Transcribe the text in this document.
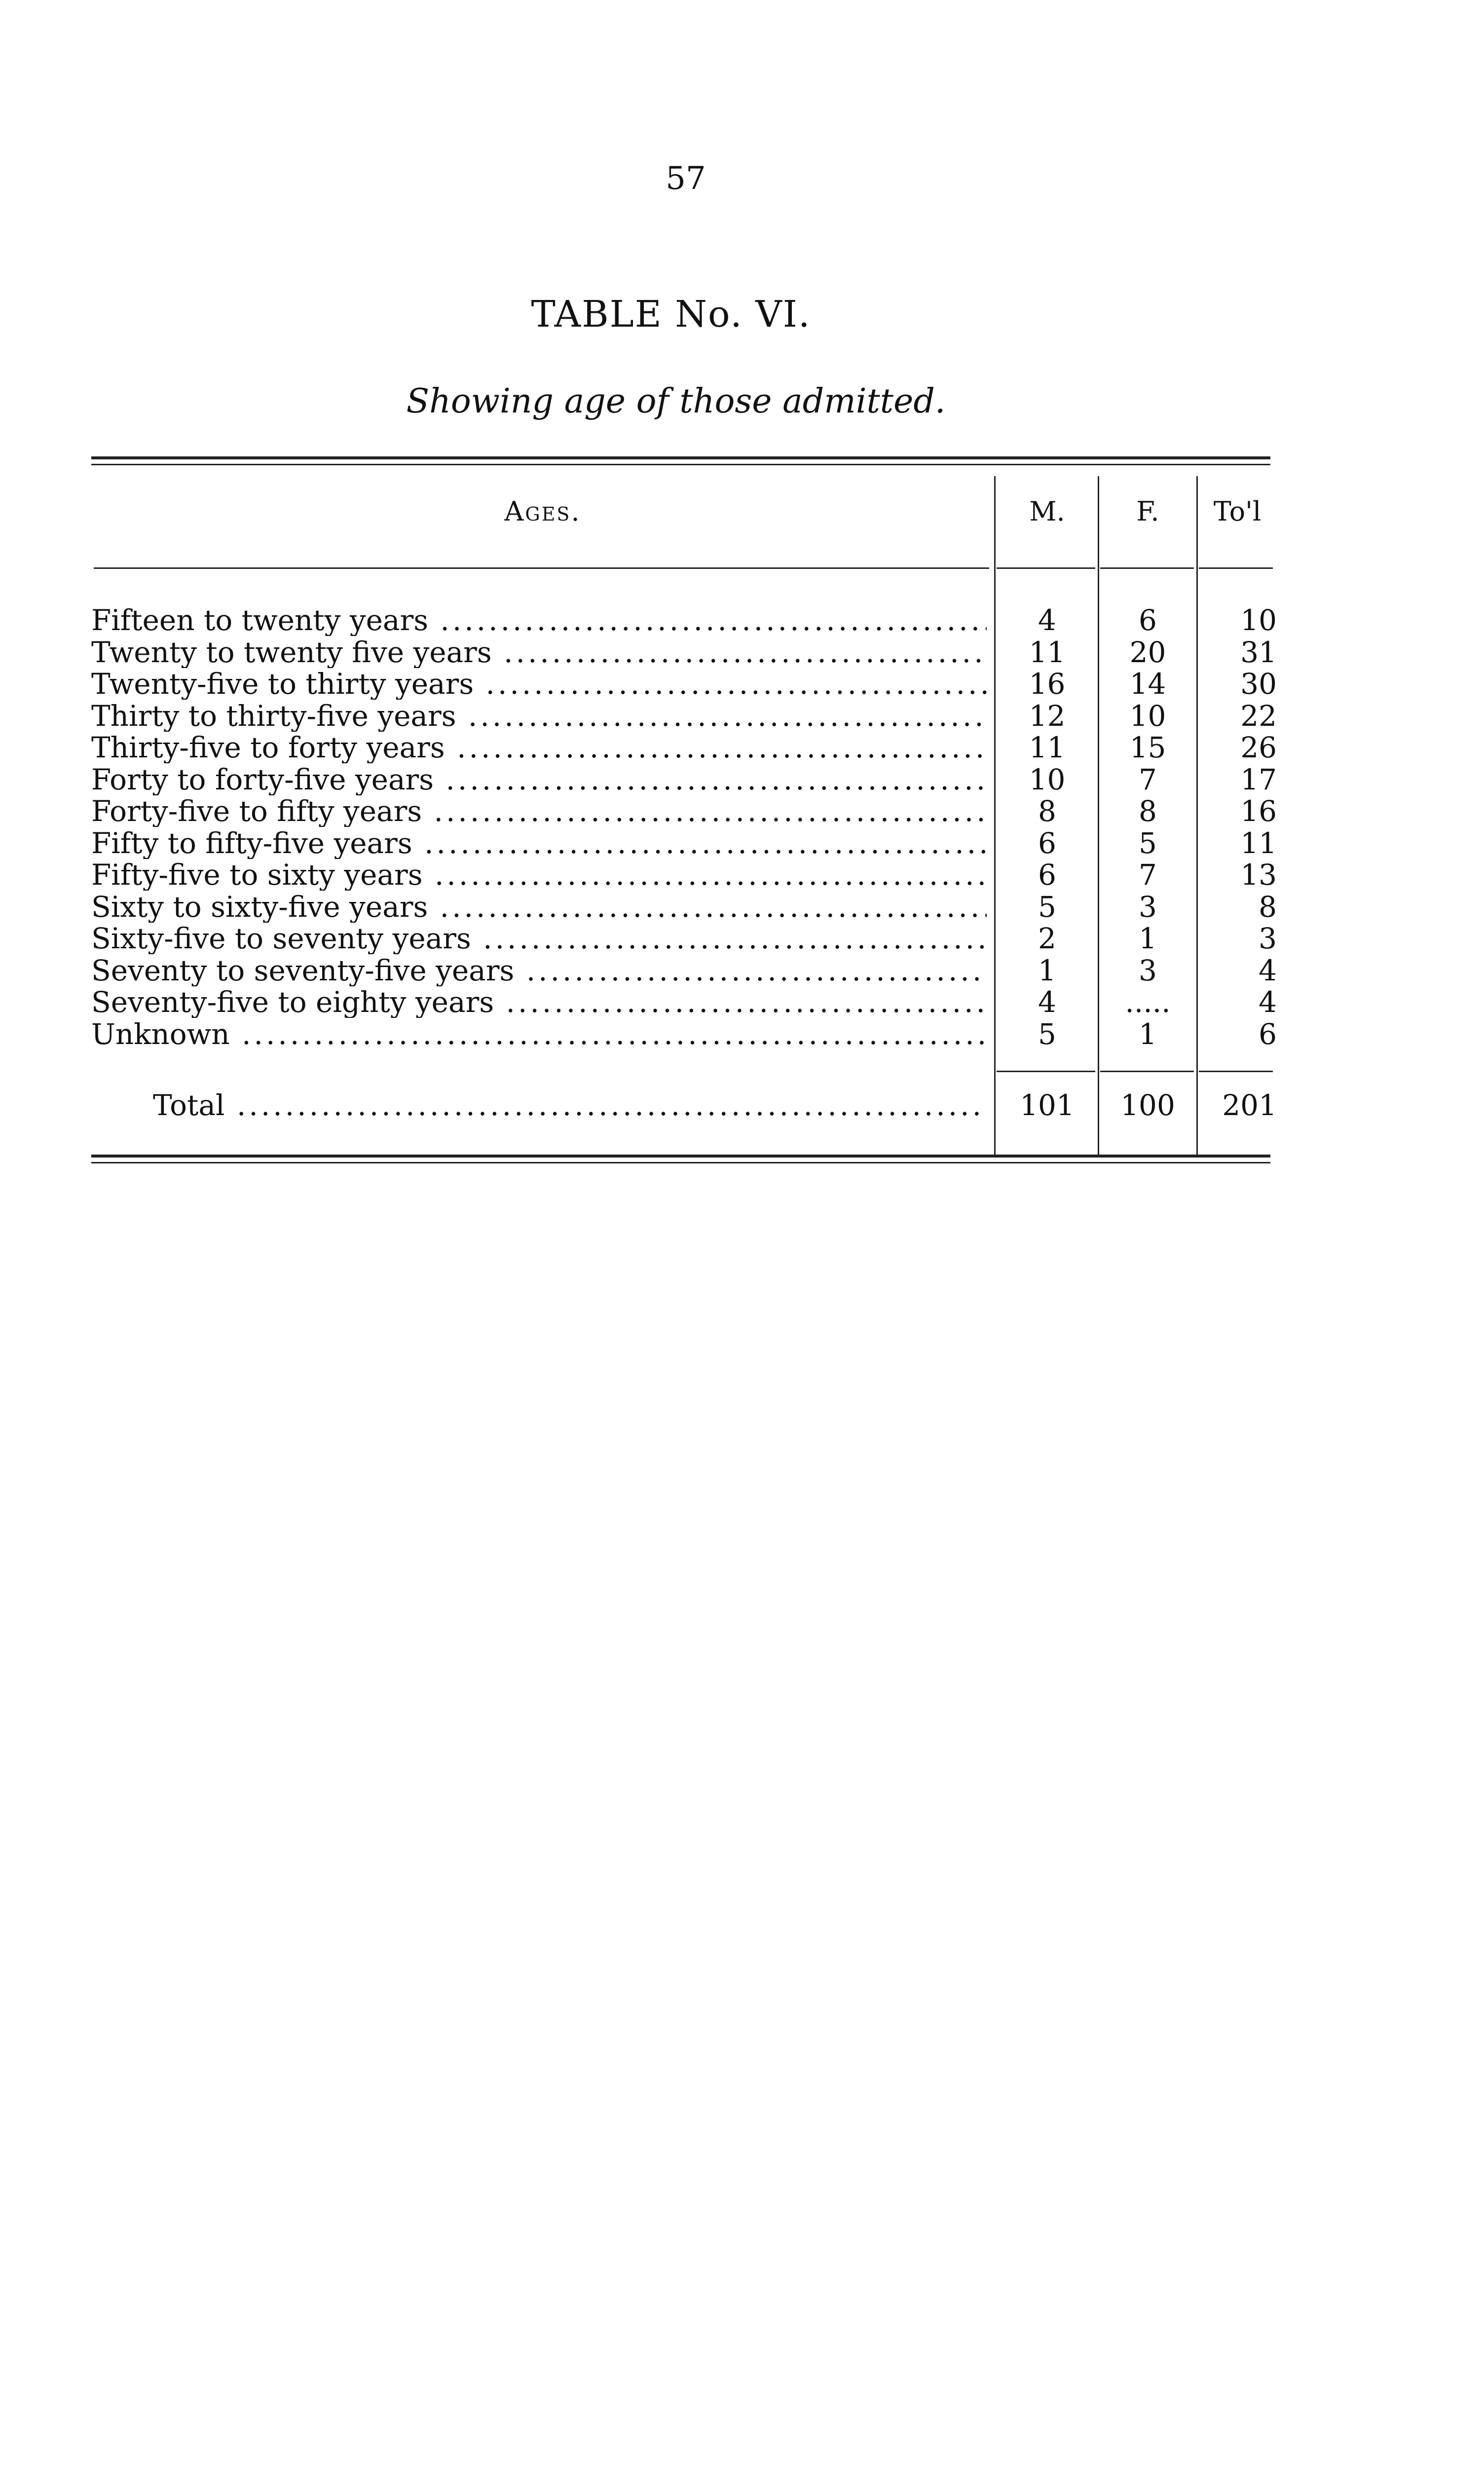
57
TABLE No. VI.
Showing age of those admitted.
Ages.	M.	F.	To'l
Fifteen to twenty years .....	4	6	10
Twenty to twenty five years .....	11	20	31
Twenty-five to thirty years .....	16	14	30
Thirty to thirty-five years .....	12	10	22
Thirty-five to forty years .....	11	15	26
Forty to forty-five years .....	10	7	17
Forty-five to fifty years .....	8	8	16
Fifty to fifty-five years .....	6	5	11
Fifty-five to sixty years .....	6	7	13
Sixty to sixty-five years .....	5	3	8
Sixty-five to seventy years .....	2	1	3
Seventy to seventy-five years .....	1	3	4
Seventy-five to eighty years .....	4	.....	4
Unknown .....	5	1	6
Total .....	101	100	201
